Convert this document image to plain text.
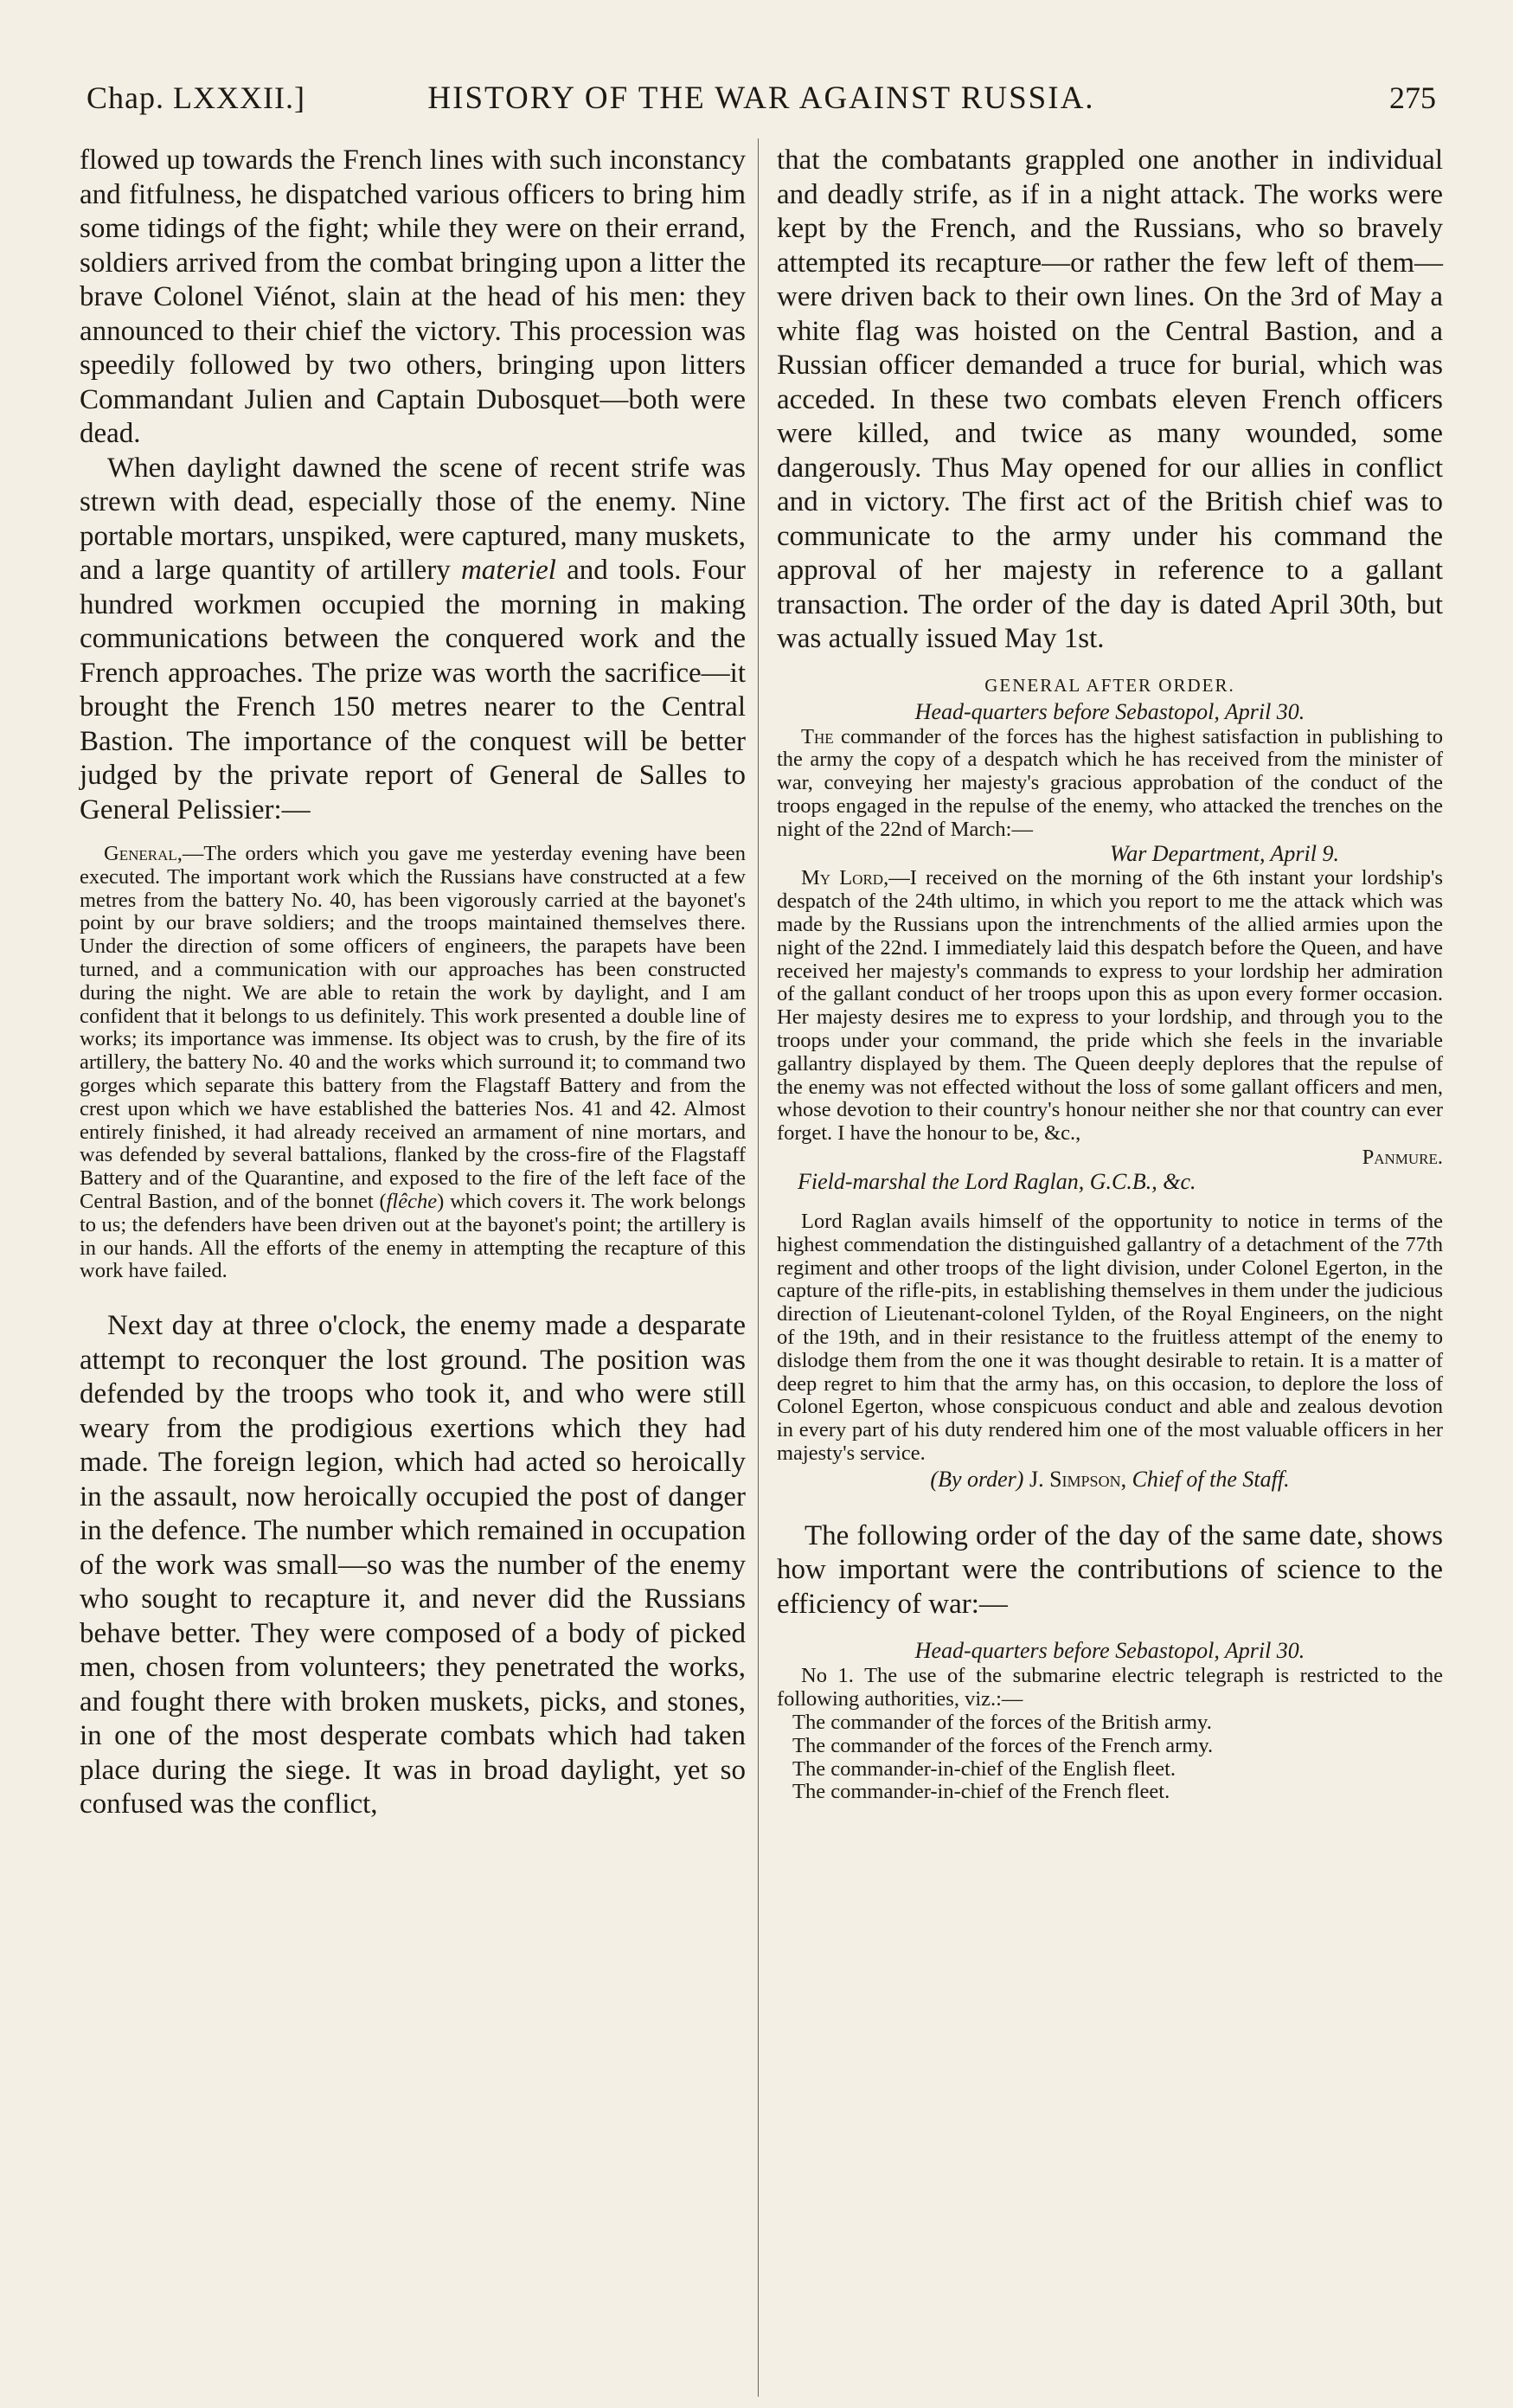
Chap. LXXXII.]	HISTORY OF THE WAR AGAINST RUSSIA.	275

flowed up towards the French lines with such inconstancy and fitfulness, he dispatched various officers to bring him some tidings of the fight; while they were on their errand, soldiers arrived from the combat bringing upon a litter the brave Colonel Viénot, slain at the head of his men: they announced to their chief the victory. This procession was speedily followed by two others, bringing upon litters Commandant Julien and Captain Dubosquet—both were dead.

When daylight dawned the scene of recent strife was strewn with dead, especially those of the enemy. Nine portable mortars, unspiked, were captured, many muskets, and a large quantity of artillery materiel and tools. Four hundred workmen occupied the morning in making communications between the conquered work and the French approaches. The prize was worth the sacrifice—it brought the French 150 metres nearer to the Central Bastion. The importance of the conquest will be better judged by the private report of General de Salles to General Pelissier:—

General,—The orders which you gave me yesterday evening have been executed. The important work which the Russians have constructed at a few metres from the battery No. 40, has been vigorously carried at the bayonet's point by our brave soldiers; and the troops maintained themselves there. Under the direction of some officers of engineers, the parapets have been turned, and a communication with our approaches has been constructed during the night. We are able to retain the work by daylight, and I am confident that it belongs to us definitely. This work presented a double line of works; its importance was immense. Its object was to crush, by the fire of its artillery, the battery No. 40 and the works which surround it; to command two gorges which separate this battery from the Flagstaff Battery and from the crest upon which we have established the batteries Nos. 41 and 42. Almost entirely finished, it had already received an armament of nine mortars, and was defended by several battalions, flanked by the cross-fire of the Flagstaff Battery and of the Quarantine, and exposed to the fire of the left face of the Central Bastion, and of the bonnet (flêche) which covers it. The work belongs to us; the defenders have been driven out at the bayonet's point; the artillery is in our hands. All the efforts of the enemy in attempting the recapture of this work have failed.

Next day at three o'clock, the enemy made a desparate attempt to reconquer the lost ground. The position was defended by the troops who took it, and who were still weary from the prodigious exertions which they had made. The foreign legion, which had acted so heroically in the assault, now heroically occupied the post of danger in the defence. The number which remained in occupation of the work was small—so was the number of the enemy who sought to recapture it, and never did the Russians behave better. They were composed of a body of picked men, chosen from volunteers; they penetrated the works, and fought there with broken muskets, picks, and stones, in one of the most desperate combats which had taken place during the siege. It was in broad daylight, yet so confused was the conflict,

that the combatants grappled one another in individual and deadly strife, as if in a night attack. The works were kept by the French, and the Russians, who so bravely attempted its recapture—or rather the few left of them—were driven back to their own lines. On the 3rd of May a white flag was hoisted on the Central Bastion, and a Russian officer demanded a truce for burial, which was acceded. In these two combats eleven French officers were killed, and twice as many wounded, some dangerously. Thus May opened for our allies in conflict and in victory. The first act of the British chief was to communicate to the army under his command the approval of her majesty in reference to a gallant transaction. The order of the day is dated April 30th, but was actually issued May 1st.

GENERAL AFTER ORDER.
Head-quarters before Sebastopol, April 30.

The commander of the forces has the highest satisfaction in publishing to the army the copy of a despatch which he has received from the minister of war, conveying her majesty's gracious approbation of the conduct of the troops engaged in the repulse of the enemy, who attacked the trenches on the night of the 22nd of March:—

War Department, April 9.

My Lord,—I received on the morning of the 6th instant your lordship's despatch of the 24th ultimo, in which you report to me the attack which was made by the Russians upon the intrenchments of the allied armies upon the night of the 22nd. I immediately laid this despatch before the Queen, and have received her majesty's commands to express to your lordship her admiration of the gallant conduct of her troops upon this as upon every former occasion. Her majesty desires me to express to your lordship, and through you to the troops under your command, the pride which she feels in the invariable gallantry displayed by them. The Queen deeply deplores that the repulse of the enemy was not effected without the loss of some gallant officers and men, whose devotion to their country's honour neither she nor that country can ever forget. I have the honour to be, &c.,

Panmure.
Field-marshal the Lord Raglan, G.C.B., &c.

Lord Raglan avails himself of the opportunity to notice in terms of the highest commendation the distinguished gallantry of a detachment of the 77th regiment and other troops of the light division, under Colonel Egerton, in the capture of the rifle-pits, in establishing themselves in them under the judicious direction of Lieutenant-colonel Tylden, of the Royal Engineers, on the night of the 19th, and in their resistance to the fruitless attempt of the enemy to dislodge them from the one it was thought desirable to retain. It is a matter of deep regret to him that the army has, on this occasion, to deplore the loss of Colonel Egerton, whose conspicuous conduct and able and zealous devotion in every part of his duty rendered him one of the most valuable officers in her majesty's service.

(By order) J. Simpson, Chief of the Staff.

The following order of the day of the same date, shows how important were the contributions of science to the efficiency of war:—

Head-quarters before Sebastopol, April 30.

No 1. The use of the submarine electric telegraph is restricted to the following authorities, viz.:—

The commander of the forces of the British army.
The commander of the forces of the French army.
The commander-in-chief of the English fleet.
The commander-in-chief of the French fleet.
